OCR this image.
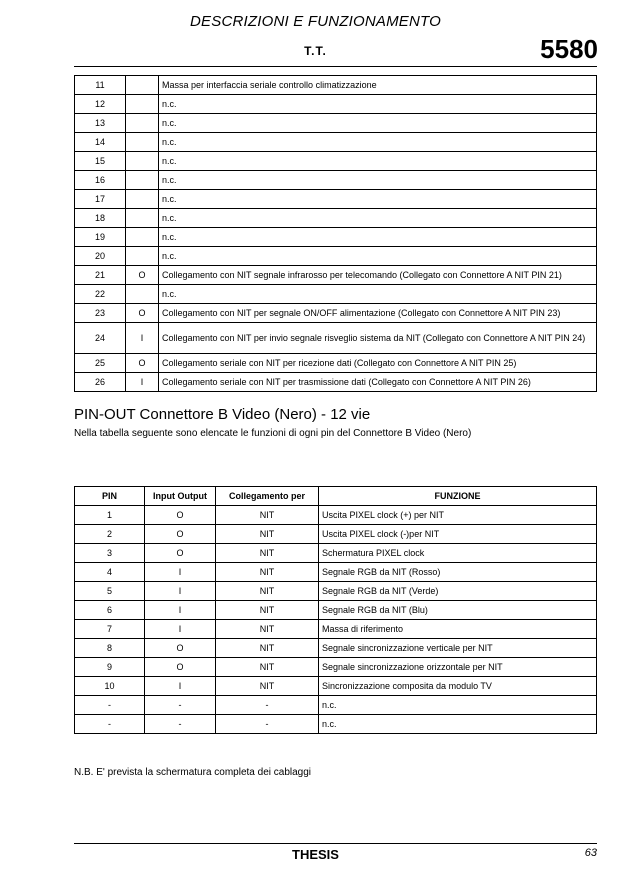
DESCRIZIONI E FUNZIONAMENTO
T.T.	5580
11		Massa per interfaccia seriale controllo climatizzazione
12		n.c.
13		n.c.
14		n.c.
15		n.c.
16		n.c.
17		n.c.
18		n.c.
19		n.c.
20		n.c.
21	O	Collegamento con NIT segnale infrarosso per telecomando (Collegato con Connettore A NIT PIN 21)
22		n.c.
23	O	Collegamento con NIT per segnale ON/OFF alimentazione (Collegato con Connettore A NIT PIN 23)
24	I	Collegamento con NIT per invio segnale risveglio sistema da NIT (Collegato con Connettore A NIT PIN 24)
25	O	Collegamento seriale con NIT per ricezione dati (Collegato con Connettore A NIT PIN 25)
26	I	Collegamento seriale con NIT per trasmissione dati (Collegato con Connettore A NIT PIN 26)
PIN-OUT Connettore B Video (Nero) - 12 vie
Nella tabella seguente sono elencate le funzioni di ogni pin del Connettore B Video (Nero)
PIN	Input Output	Collegamento per	FUNZIONE
1	O	NIT	Uscita PIXEL clock (+) per NIT
2	O	NIT	Uscita PIXEL clock (-)per NIT
3	O	NIT	Schermatura PIXEL clock
4	I	NIT	Segnale RGB da NIT (Rosso)
5	I	NIT	Segnale RGB da NIT (Verde)
6	I	NIT	Segnale RGB da NIT (Blu)
7	I	NIT	Massa di riferimento
8	O	NIT	Segnale sincronizzazione verticale per NIT
9	O	NIT	Segnale sincronizzazione orizzontale per NIT
10	I	NIT	Sincronizzazione composita da modulo TV
-	-	-	n.c.
-	-	-	n.c.
N.B. E' prevista la schermatura completa dei cablaggi
THESIS	63
